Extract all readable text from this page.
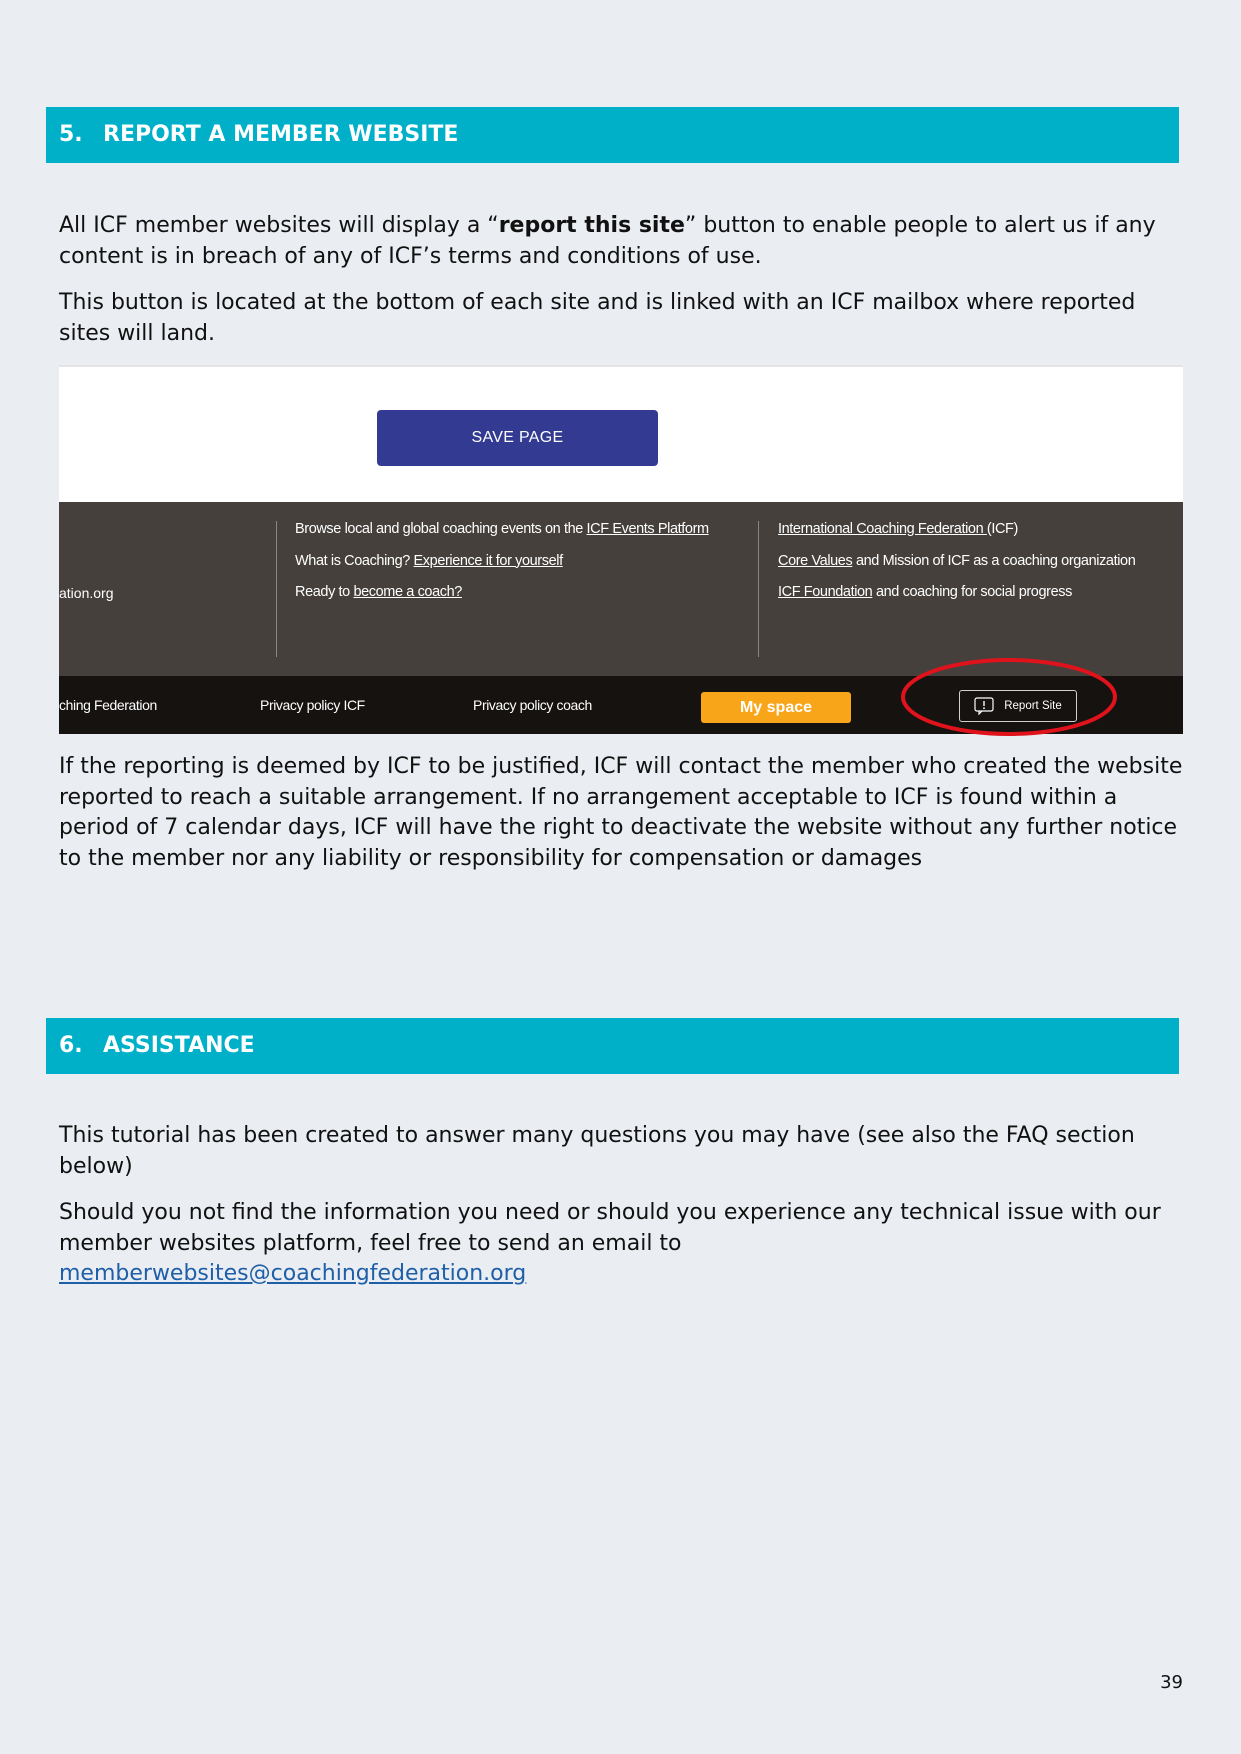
5. REPORT A MEMBER WEBSITE

All ICF member websites will display a “report this site” button to enable people to alert us if any content is in breach of any of ICF’s terms and conditions of use.

This button is located at the bottom of each site and is linked with an ICF mailbox where reported sites will land.

SAVE PAGE
ation.org
Browse local and global coaching events on the ICF Events Platform
What is Coaching? Experience it for yourself
Ready to become a coach?
International Coaching Federation (ICF)
Core Values and Mission of ICF as a coaching organization
ICF Foundation and coaching for social progress
ching Federation	Privacy policy ICF	Privacy policy coach	My space	Report Site

If the reporting is deemed by ICF to be justified, ICF will contact the member who created the website reported to reach a suitable arrangement. If no arrangement acceptable to ICF is found within a period of 7 calendar days, ICF will have the right to deactivate the website without any further notice to the member nor any liability or responsibility for compensation or damages

6. ASSISTANCE

This tutorial has been created to answer many questions you may have (see also the FAQ section below)

Should you not find the information you need or should you experience any technical issue with our member websites platform, feel free to send an email to
memberwebsites@coachingfederation.org

39
